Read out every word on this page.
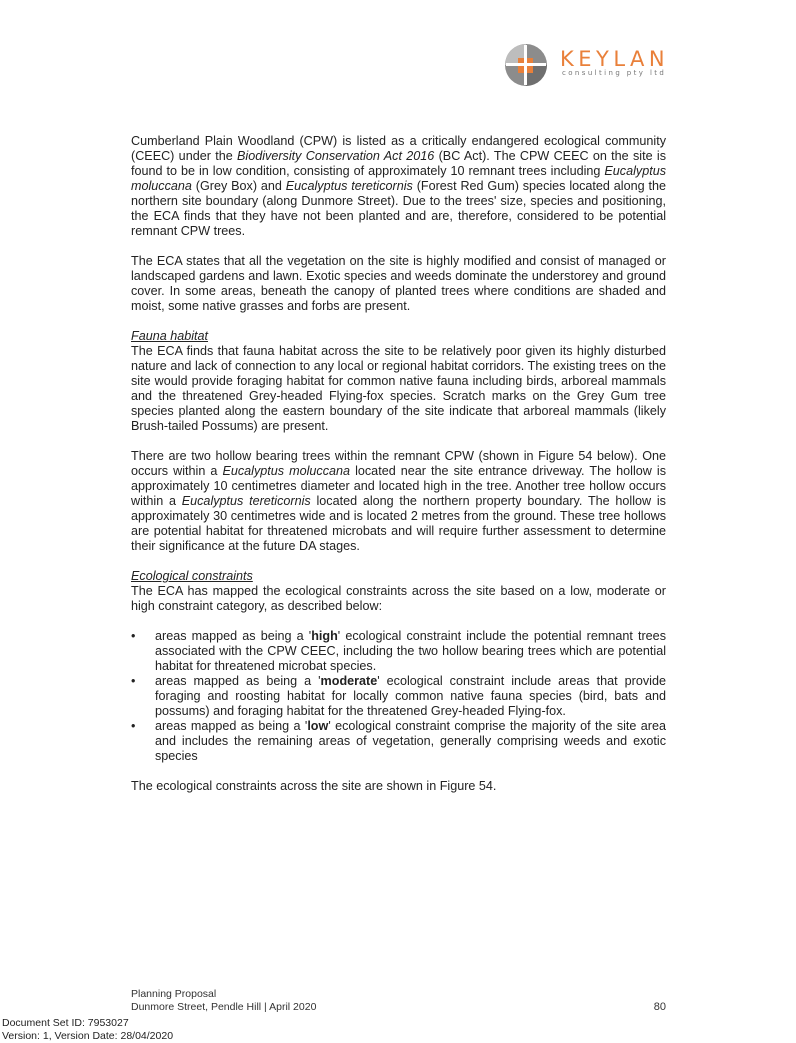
KEYLAN
consulting pty ltd

Cumberland Plain Woodland (CPW) is listed as a critically endangered ecological community (CEEC) under the Biodiversity Conservation Act 2016 (BC Act). The CPW CEEC on the site is found to be in low condition, consisting of approximately 10 remnant trees including Eucalyptus moluccana (Grey Box) and Eucalyptus tereticornis (Forest Red Gum) species located along the northern site boundary (along Dunmore Street). Due to the trees' size, species and positioning, the ECA finds that they have not been planted and are, therefore, considered to be potential remnant CPW trees.

The ECA states that all the vegetation on the site is highly modified and consist of managed or landscaped gardens and lawn. Exotic species and weeds dominate the understorey and ground cover. In some areas, beneath the canopy of planted trees where conditions are shaded and moist, some native grasses and forbs are present.

Fauna habitat

The ECA finds that fauna habitat across the site to be relatively poor given its highly disturbed nature and lack of connection to any local or regional habitat corridors. The existing trees on the site would provide foraging habitat for common native fauna including birds, arboreal mammals and the threatened Grey-headed Flying-fox species. Scratch marks on the Grey Gum tree species planted along the eastern boundary of the site indicate that arboreal mammals (likely Brush-tailed Possums) are present.

There are two hollow bearing trees within the remnant CPW (shown in Figure 54 below). One occurs within a Eucalyptus moluccana located near the site entrance driveway. The hollow is approximately 10 centimetres diameter and located high in the tree. Another tree hollow occurs within a Eucalyptus tereticornis located along the northern property boundary. The hollow is approximately 30 centimetres wide and is located 2 metres from the ground. These tree hollows are potential habitat for threatened microbats and will require further assessment to determine their significance at the future DA stages.

Ecological constraints

The ECA has mapped the ecological constraints across the site based on a low, moderate or high constraint category, as described below:

• areas mapped as being a 'high' ecological constraint include the potential remnant trees associated with the CPW CEEC, including the two hollow bearing trees which are potential habitat for threatened microbat species.
• areas mapped as being a 'moderate' ecological constraint include areas that provide foraging and roosting habitat for locally common native fauna species (bird, bats and possums) and foraging habitat for the threatened Grey-headed Flying-fox.
• areas mapped as being a 'low' ecological constraint comprise the majority of the site area and includes the remaining areas of vegetation, generally comprising weeds and exotic species

The ecological constraints across the site are shown in Figure 54.

Planning Proposal
Dunmore Street, Pendle Hill | April 2020	80
Document Set ID: 7953027
Version: 1, Version Date: 28/04/2020
